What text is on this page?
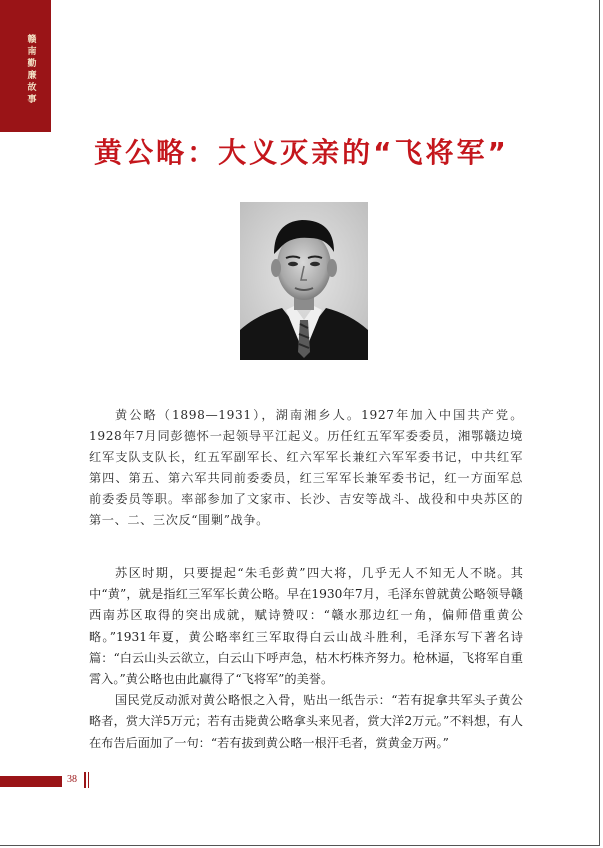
赣南勤廉故事
黄公略：大义灭亲的“飞将军”

黄公略（1898—1931），湖南湘乡人。1927年加入中国共产党。1928年7月同彭德怀一起领导平江起义。历任红五军军委委员，湘鄂赣边境红军支队支队长，红五军副军长、红六军军长兼红六军军委书记，中共红军第四、第五、第六军共同前委委员，红三军军长兼军委书记，红一方面军总前委委员等职。率部参加了文家市、长沙、吉安等战斗、战役和中央苏区的第一、二、三次反“围剿”战争。

苏区时期，只要提起“朱毛彭黄”四大将，几乎无人不知无人不晓。其中“黄”，就是指红三军军长黄公略。早在1930年7月，毛泽东曾就黄公略领导赣西南苏区取得的突出成就，赋诗赞叹：“赣水那边红一角，偏师借重黄公略。”1931年夏，黄公略率红三军取得白云山战斗胜利，毛泽东写下著名诗篇：“白云山头云欲立，白云山下呼声急，枯木朽株齐努力。枪林逼，飞将军自重霄入。”黄公略也由此赢得了“飞将军”的美誉。

国民党反动派对黄公略恨之入骨，贴出一纸告示：“若有捉拿共军头子黄公略者，赏大洋5万元；若有击毙黄公略拿头来见者，赏大洋2万元。”不料想，有人在布告后面加了一句：“若有拔到黄公略一根汗毛者，赏黄金万两。”

38
